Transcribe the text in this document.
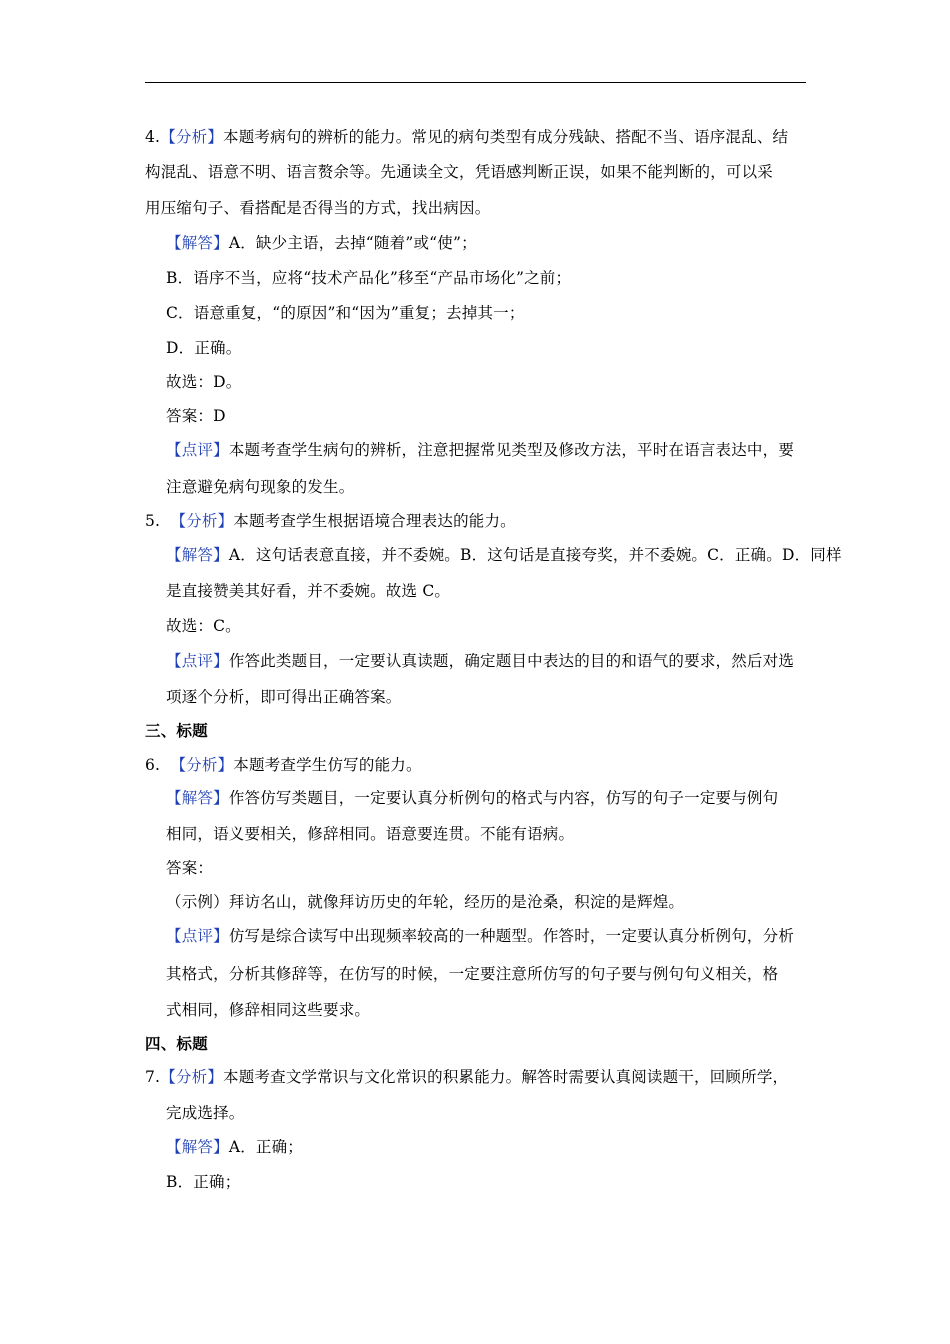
4.【分析】本题考病句的辨析的能力。常见的病句类型有成分残缺、搭配不当、语序混乱、结
构混乱、语意不明、语言赘余等。先通读全文，凭语感判断正误，如果不能判断的，可以采
用压缩句子、看搭配是否得当的方式，找出病因。
【解答】A．缺少主语，去掉“随着”或“使”；
B．语序不当，应将“技术产品化”移至“产品市场化”之前；
C．语意重复，“的原因”和“因为”重复；去掉其一；
D．正确。
故选：D。
答案：D
【点评】本题考查学生病句的辨析，注意把握常见类型及修改方法，平时在语言表达中，要
注意避免病句现象的发生。
5. 【分析】本题考查学生根据语境合理表达的能力。
【解答】A．这句话表意直接，并不委婉。B．这句话是直接夸奖，并不委婉。C．正确。D．同样
是直接赞美其好看，并不委婉。故选 C。
故选：C。
【点评】作答此类题目，一定要认真读题，确定题目中表达的目的和语气的要求，然后对选
项逐个分析，即可得出正确答案。
三、标题
6. 【分析】本题考查学生仿写的能力。
【解答】作答仿写类题目，一定要认真分析例句的格式与内容，仿写的句子一定要与例句
相同，语义要相关，修辞相同。语意要连贯。不能有语病。
答案：
（示例）拜访名山，就像拜访历史的年轮，经历的是沧桑，积淀的是辉煌。
【点评】仿写是综合读写中出现频率较高的一种题型。作答时，一定要认真分析例句，分析
其格式，分析其修辞等，在仿写的时候，一定要注意所仿写的句子要与例句句义相关，格
式相同，修辞相同这些要求。
四、标题
7.【分析】本题考查文学常识与文化常识的积累能力。解答时需要认真阅读题干，回顾所学，
完成选择。
【解答】A．正确；
B．正确；
